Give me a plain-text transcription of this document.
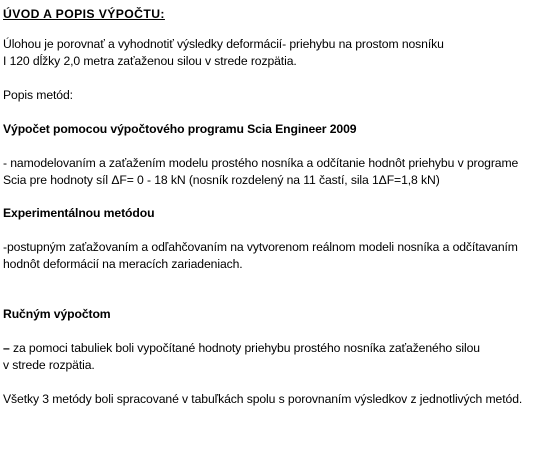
ÚVOD A POPIS VÝPOČTU:
Úlohou je porovnať a vyhodnotiť výsledky deformácií- priehybu na prostom nosníku
I 120 dĺžky 2,0 metra zaťaženou silou v strede rozpätia.
Popis metód:
Výpočet pomocou výpočtového programu Scia Engineer 2009
- namodelovaním a zaťažením modelu prostého nosníka a odčítanie hodnôt priehybu v programe
Scia pre hodnoty síl ΔF= 0 - 18 kN (nosník rozdelený na 11 častí, sila 1ΔF=1,8 kN)
Experimentálnou metódou
-postupným zaťažovaním a odľahčovaním na vytvorenom reálnom modeli nosníka a odčítavaním
hodnôt deformácií na meracích zariadeniach.
Ručným výpočtom
– za pomoci tabuliek boli vypočítané hodnoty priehybu prostého nosníka zaťaženého silou
v strede rozpätia.
Všetky 3 metódy boli spracované v tabuľkách spolu s porovnaním výsledkov z jednotlivých metód.
